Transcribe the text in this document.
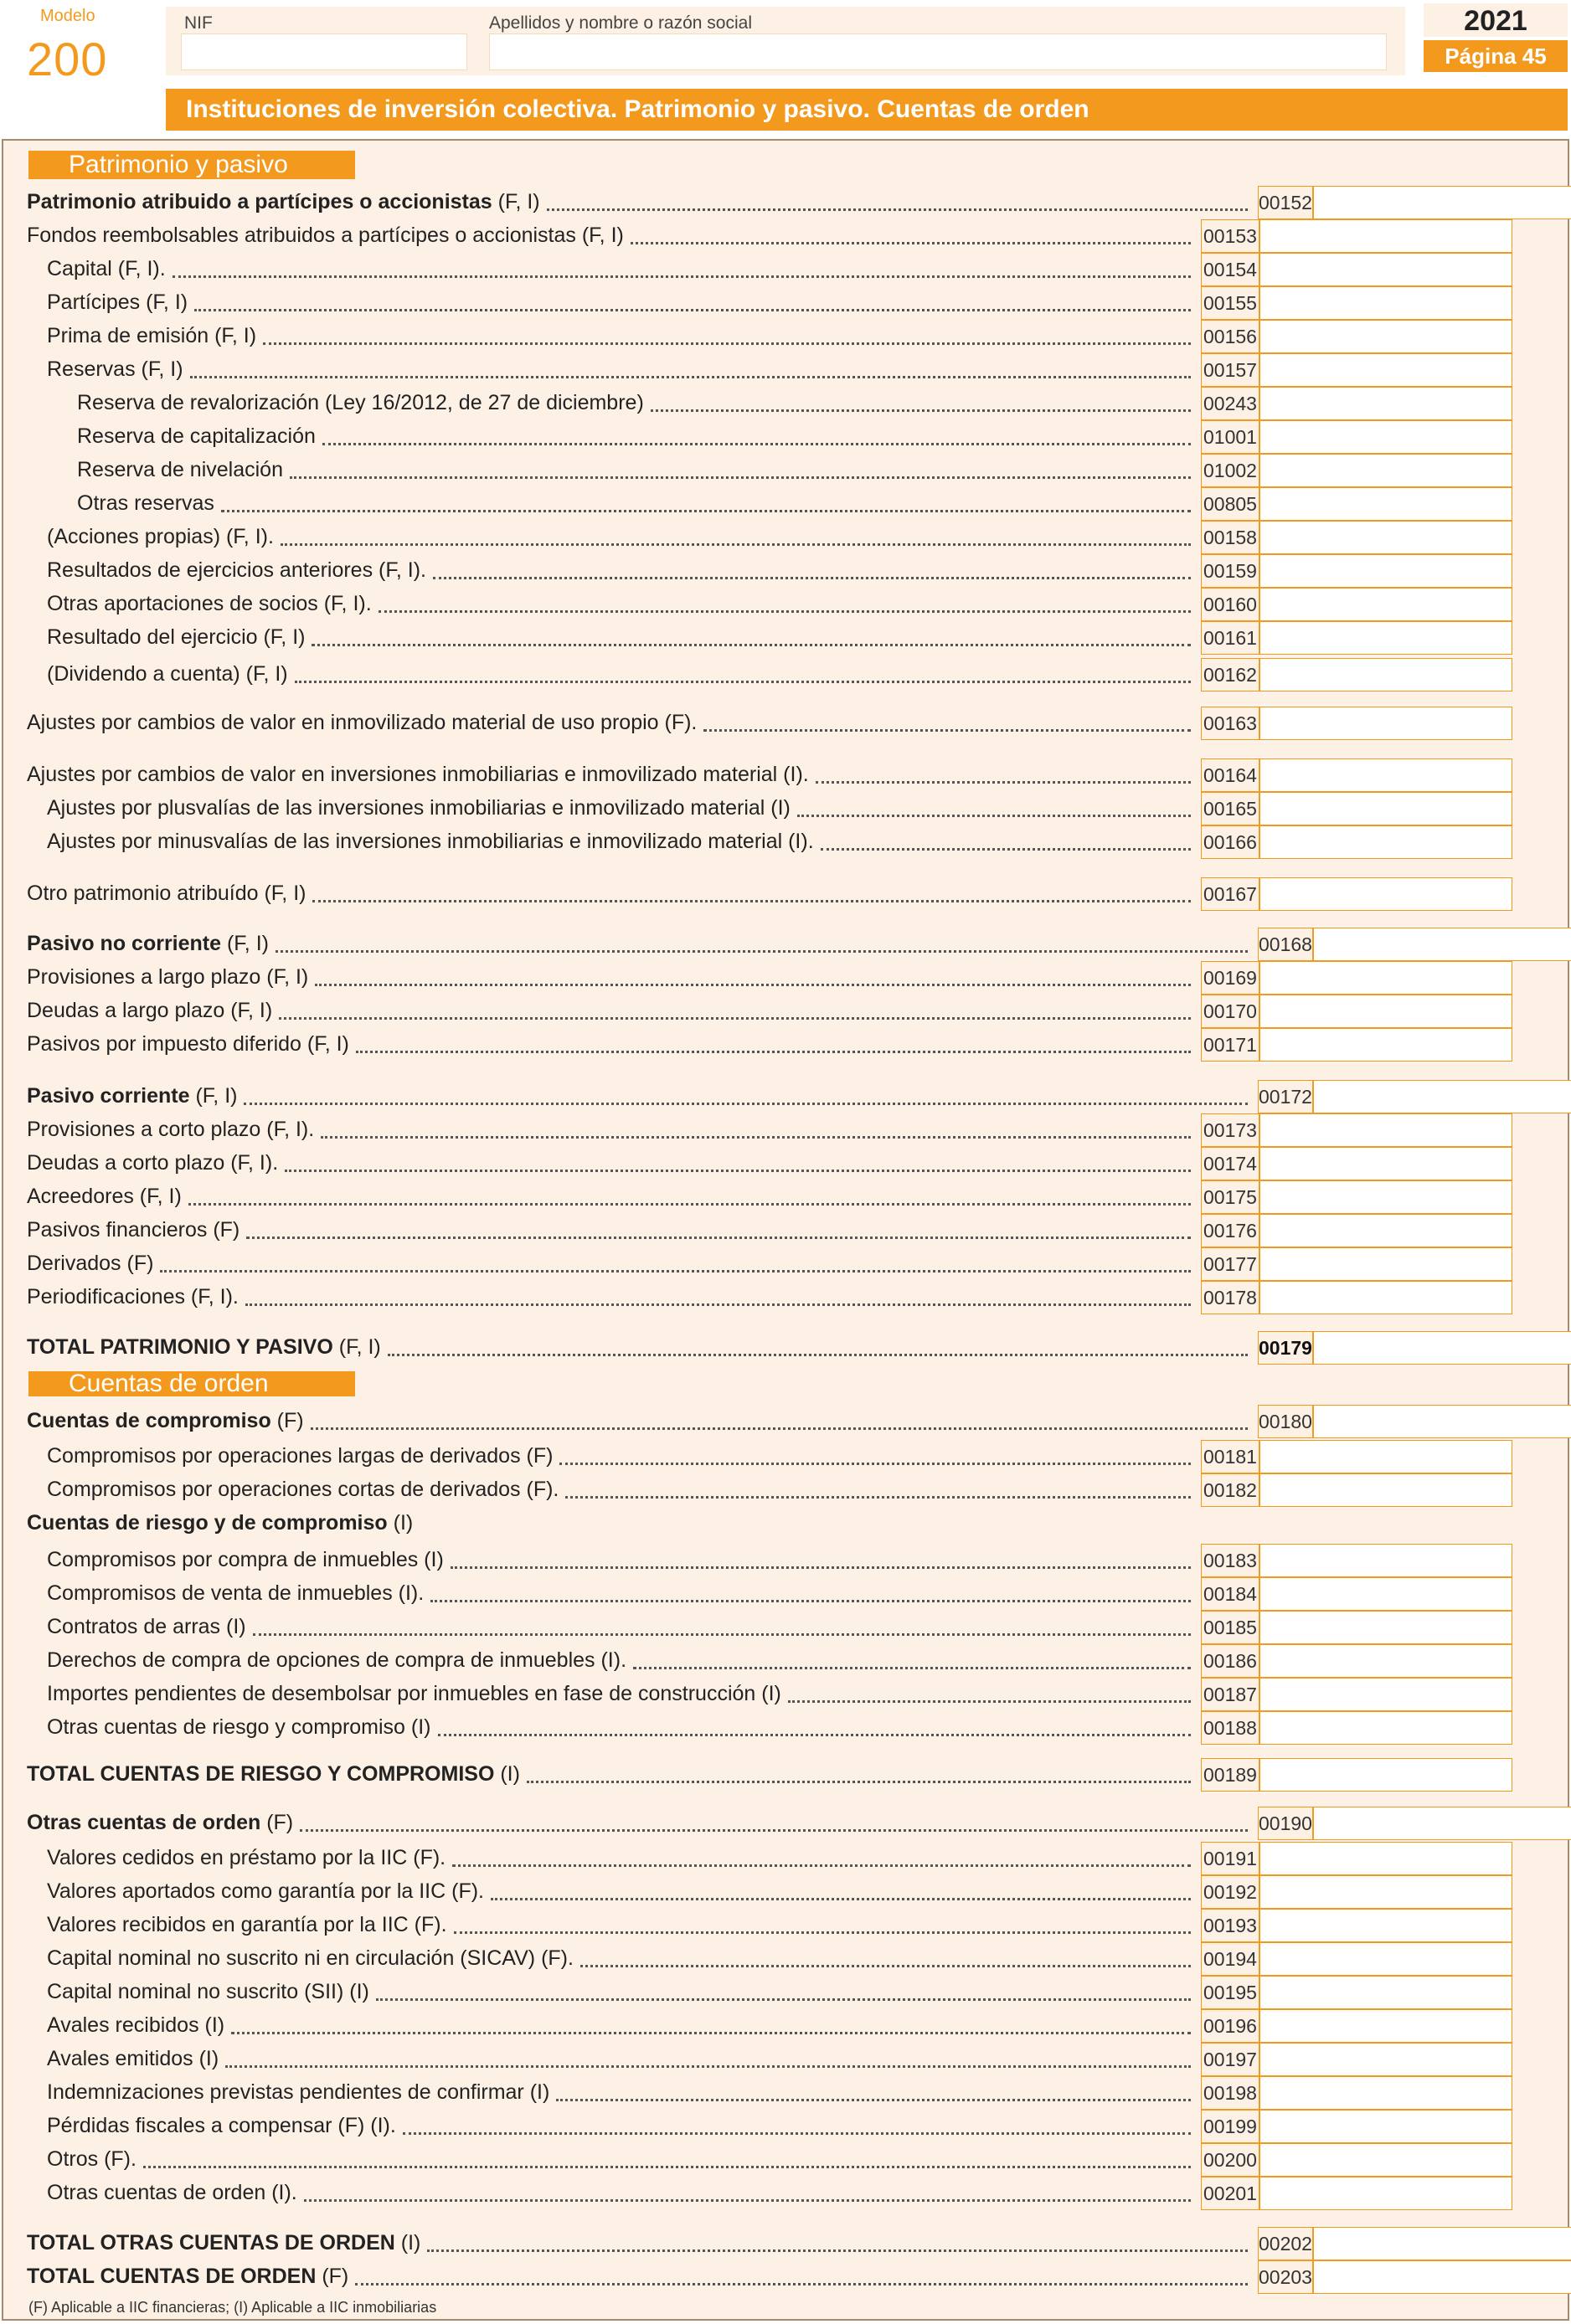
Modelo
200
NIF	Apellidos y nombre o razón social	2021
Página 45
Instituciones de inversión colectiva. Patrimonio y pasivo. Cuentas de orden
Patrimonio y pasivo
Cuentas de orden
Patrimonio atribuido a partícipes o accionistas (F, I)	00152
Fondos reembolsables atribuidos a partícipes o accionistas (F, I)	00153
Capital (F, I).	00154
Partícipes (F, I)	00155
Prima de emisión (F, I)	00156
Reservas (F, I)	00157
Reserva de revalorización (Ley 16/2012, de 27 de diciembre)	00243
Reserva de capitalización	01001
Reserva de nivelación	01002
Otras reservas	00805
(Acciones propias) (F, I).	00158
Resultados de ejercicios anteriores (F, I).	00159
Otras aportaciones de socios (F, I).	00160
Resultado del ejercicio (F, I)	00161
(Dividendo a cuenta) (F, I)	00162
Ajustes por cambios de valor en inmovilizado material de uso propio (F).	00163
Ajustes por cambios de valor en inversiones inmobiliarias e inmovilizado material (I).	00164
Ajustes por plusvalías de las inversiones inmobiliarias e inmovilizado material (I)	00165
Ajustes por minusvalías de las inversiones inmobiliarias e inmovilizado material (I).	00166
Otro patrimonio atribuído (F, I)	00167
Pasivo no corriente (F, I)	00168
Provisiones a largo plazo (F, I)	00169
Deudas a largo plazo (F, I)	00170
Pasivos por impuesto diferido (F, I)	00171
Pasivo corriente (F, I)	00172
Provisiones a corto plazo (F, I).	00173
Deudas a corto plazo (F, I).	00174
Acreedores (F, I)	00175
Pasivos financieros (F)	00176
Derivados (F)	00177
Periodificaciones (F, I).	00178
TOTAL PATRIMONIO Y PASIVO (F, I)	00179
Cuentas de compromiso (F)	00180
Compromisos por operaciones largas de derivados (F)	00181
Compromisos por operaciones cortas de derivados (F).	00182
Cuentas de riesgo y de compromiso (I)
Compromisos por compra de inmuebles (I)	00183
Compromisos de venta de inmuebles (I).	00184
Contratos de arras (I)	00185
Derechos de compra de opciones de compra de inmuebles (I).	00186
Importes pendientes de desembolsar por inmuebles en fase de construcción (I)	00187
Otras cuentas de riesgo y compromiso (I)	00188
TOTAL CUENTAS DE RIESGO Y COMPROMISO (I)	00189
Otras cuentas de orden (F)	00190
Valores cedidos en préstamo por la IIC (F).	00191
Valores aportados como garantía por la IIC (F).	00192
Valores recibidos en garantía por la IIC (F).	00193
Capital nominal no suscrito ni en circulación (SICAV) (F).	00194
Capital nominal no suscrito (SII) (I)	00195
Avales recibidos (I)	00196
Avales emitidos (I)	00197
Indemnizaciones previstas pendientes de confirmar (I)	00198
Pérdidas fiscales a compensar (F) (I).	00199
Otros (F).	00200
Otras cuentas de orden (I).	00201
TOTAL OTRAS CUENTAS DE ORDEN (I)	00202
TOTAL CUENTAS DE ORDEN (F)	00203
(F) Aplicable a IIC financieras; (I) Aplicable a IIC inmobiliarias
